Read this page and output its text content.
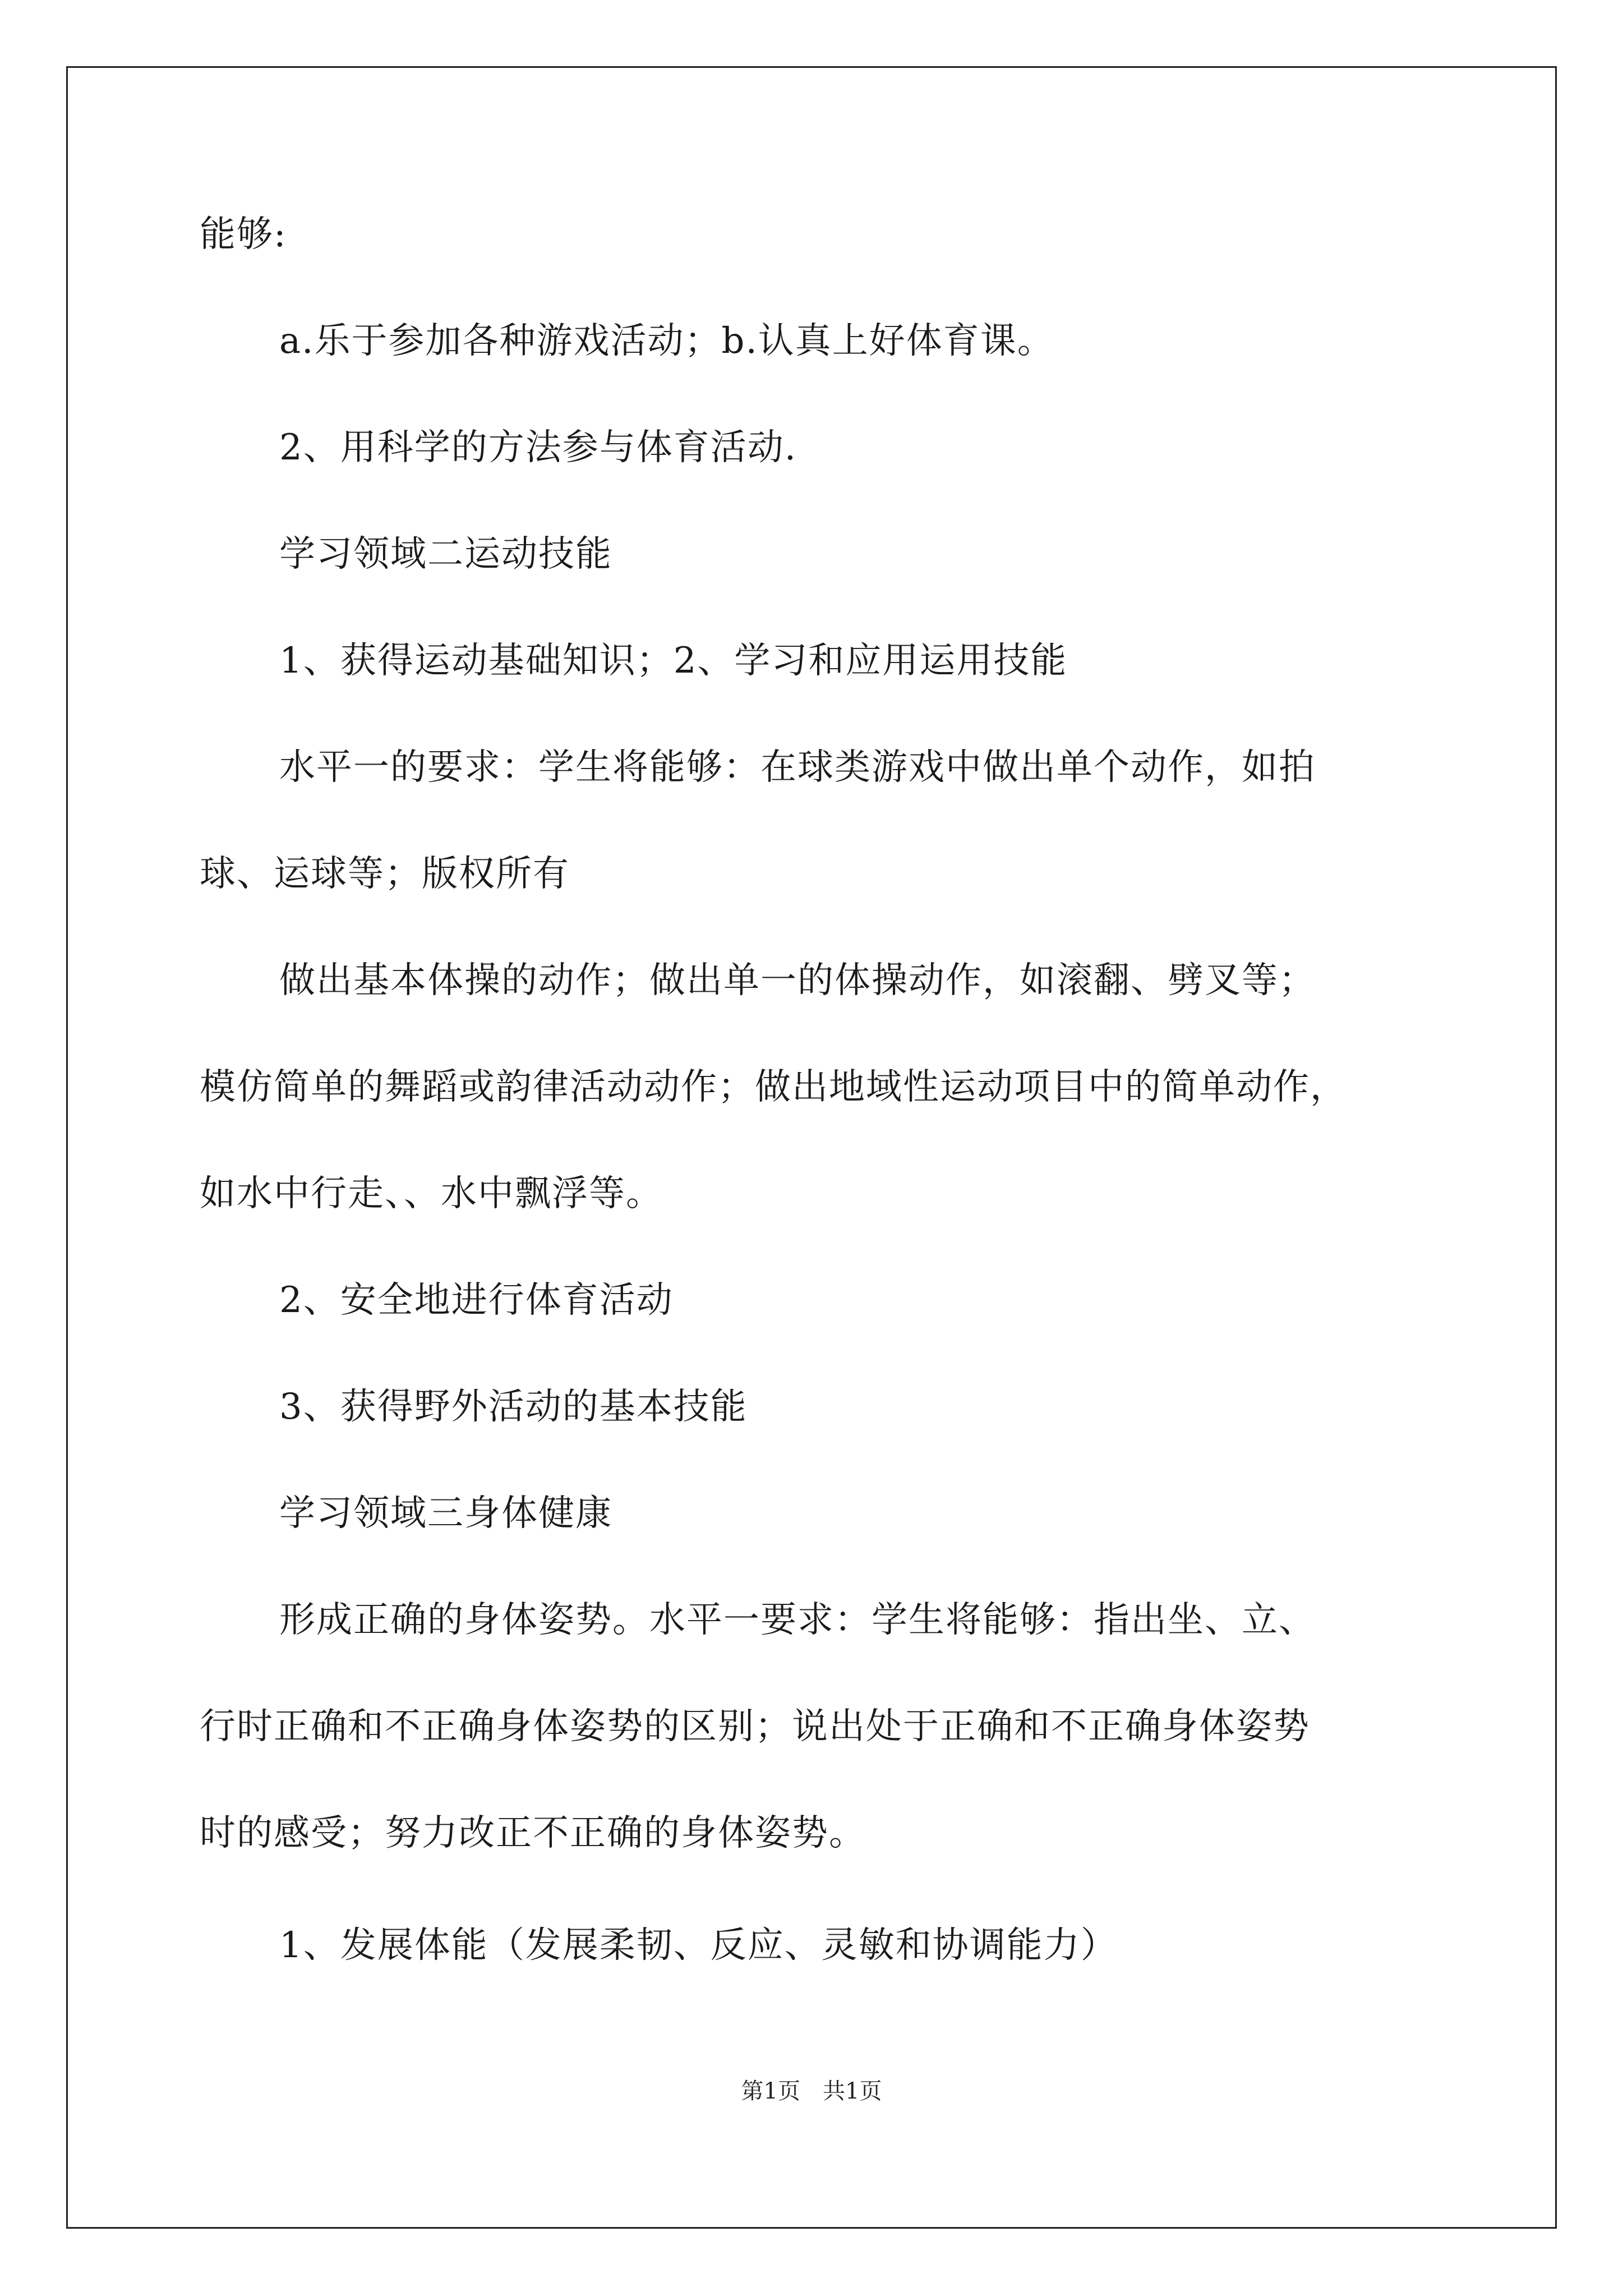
能够:
a.乐于参加各种游戏活动；b.认真上好体育课。
2、用科学的方法参与体育活动.
学习领域二运动技能
1、获得运动基础知识；2、学习和应用运用技能
水平一的要求：学生将能够：在球类游戏中做出单个动作，如拍
球、运球等；版权所有
做出基本体操的动作；做出单一的体操动作，如滚翻、劈叉等；
模仿简单的舞蹈或韵律活动动作；做出地域性运动项目中的简单动作，
如水中行走、、水中飘浮等。
2、安全地进行体育活动
3、获得野外活动的基本技能
学习领域三身体健康
形成正确的身体姿势。水平一要求：学生将能够：指出坐、立、
行时正确和不正确身体姿势的区别；说出处于正确和不正确身体姿势
时的感受；努力改正不正确的身体姿势。
1、发展体能（发展柔韧、反应、灵敏和协调能力）
第1页 共1页
